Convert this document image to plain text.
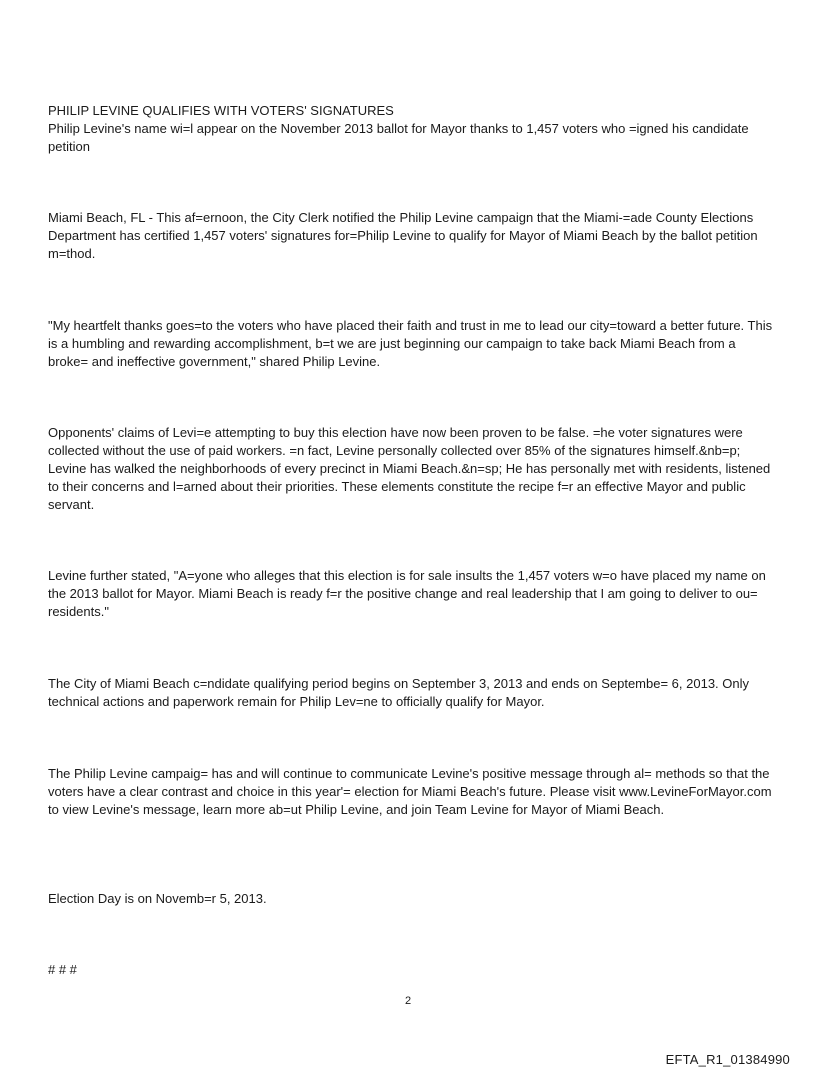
PHILIP LEVINE QUALIFIES WITH VOTERS' SIGNATURES

Philip Levine's name wi=l appear on the November 2013 ballot for Mayor thanks to 1,457 voters who =igned his candidate petition

Miami Beach, FL - This af=ernoon, the City Clerk notified the Philip Levine campaign that the Miami-=ade County Elections Department has certified 1,457 voters' signatures for=Philip Levine to qualify for Mayor of Miami Beach by the ballot petition m=thod.

"My heartfelt thanks goes=to the voters who have placed their faith and trust in me to lead our city=toward a better future. This is a humbling and rewarding accomplishment, b=t we are just beginning our campaign to take back Miami Beach from a broke= and ineffective government," shared Philip Levine.

Opponents' claims of Levi=e attempting to buy this election have now been proven to be false. =he voter signatures were collected without the use of paid workers. =n fact, Levine personally collected over 85% of the signatures himself.&nb=p; Levine has walked the neighborhoods of every precinct in Miami Beach.&n=sp; He has personally met with residents, listened to their concerns and l=arned about their priorities. These elements constitute the recipe f=r an effective Mayor and public servant.

Levine further stated, "A=yone who alleges that this election is for sale insults the 1,457 voters w=o have placed my name on the 2013 ballot for Mayor. Miami Beach is ready f=r the positive change and real leadership that I am going to deliver to ou= residents."

The City of Miami Beach c=ndidate qualifying period begins on September 3, 2013 and ends on Septembe= 6, 2013. Only technical actions and paperwork remain for Philip Lev=ne to officially qualify for Mayor.

The Philip Levine campaig= has and will continue to communicate Levine's positive message through al= methods so that the voters have a clear contrast and choice in this year'= election for Miami Beach's future. Please visit www.LevineForMayor.com to view Levine's message, learn more ab=ut Philip Levine, and join Team Levine for Mayor of Miami Beach.

Election Day is on Novemb=r 5, 2013.

# # #

2
EFTA_R1_01384990
